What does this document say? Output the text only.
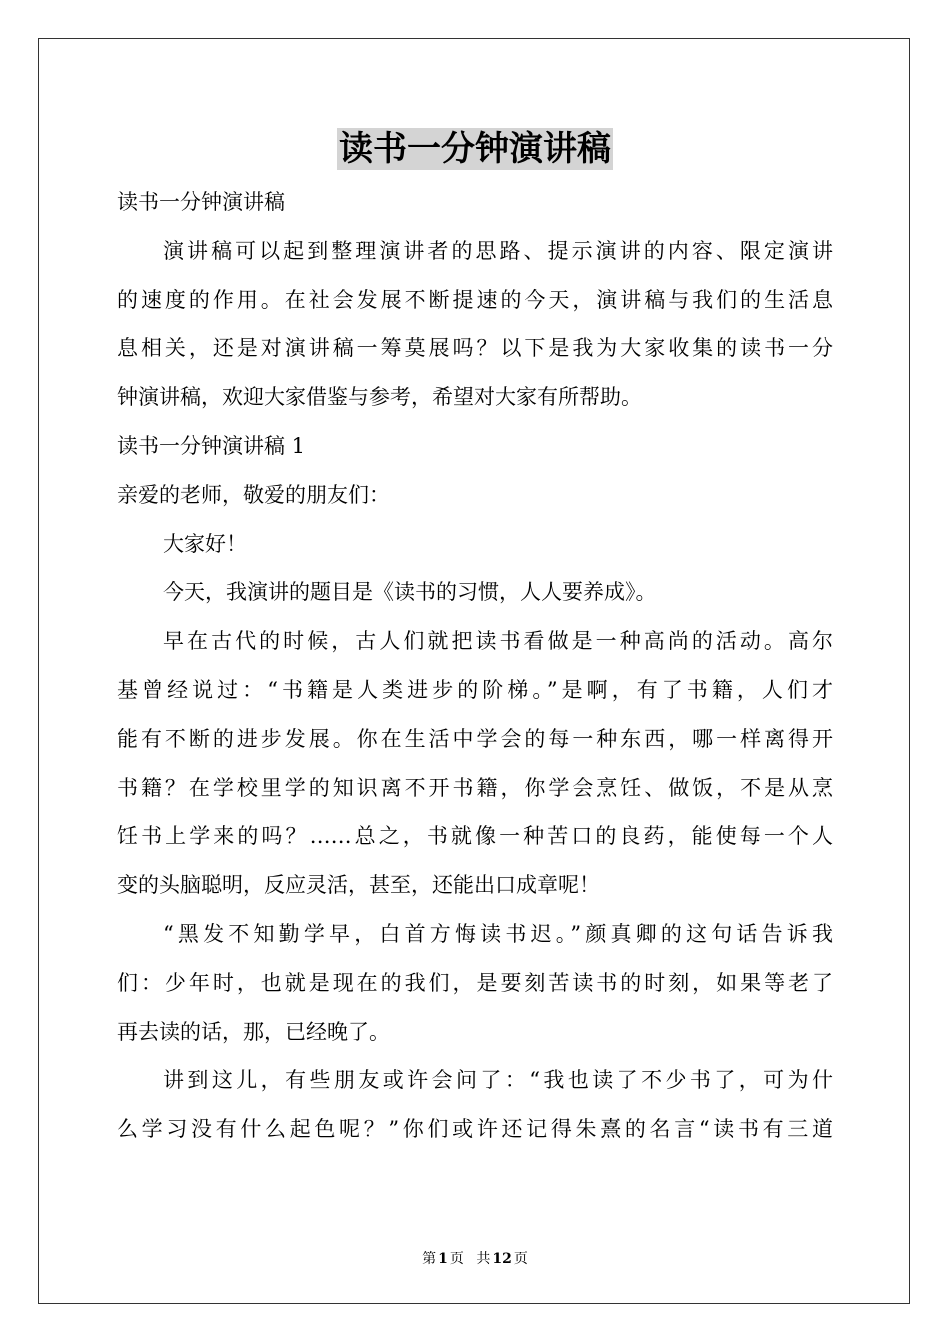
读书一分钟演讲稿
读书一分钟演讲稿
演讲稿可以起到整理演讲者的思路、提示演讲的内容、限定演讲
的速度的作用。在社会发展不断提速的今天，演讲稿与我们的生活息
息相关，还是对演讲稿一筹莫展吗？以下是我为大家收集的读书一分
钟演讲稿，欢迎大家借鉴与参考，希望对大家有所帮助。
读书一分钟演讲稿 1
亲爱的老师，敬爱的朋友们：
大家好！
今天，我演讲的题目是《读书的习惯，人人要养成》。
早在古代的时候，古人们就把读书看做是一种高尚的活动。高尔
基曾经说过：“书籍是人类进步的阶梯。”是啊，有了书籍，人们才
能有不断的进步发展。你在生活中学会的每一种东西，哪一样离得开
书籍？在学校里学的知识离不开书籍，你学会烹饪、做饭，不是从烹
饪书上学来的吗？……总之，书就像一种苦口的良药，能使每一个人
变的头脑聪明，反应灵活，甚至，还能出口成章呢！
“黑发不知勤学早，白首方悔读书迟。”颜真卿的这句话告诉我
们：少年时，也就是现在的我们，是要刻苦读书的时刻，如果等老了
再去读的话，那，已经晚了。
讲到这儿，有些朋友或许会问了：“我也读了不少书了，可为什
么学习没有什么起色呢？”你们或许还记得朱熹的名言“读书有三道
第 1 页 共 12 页
